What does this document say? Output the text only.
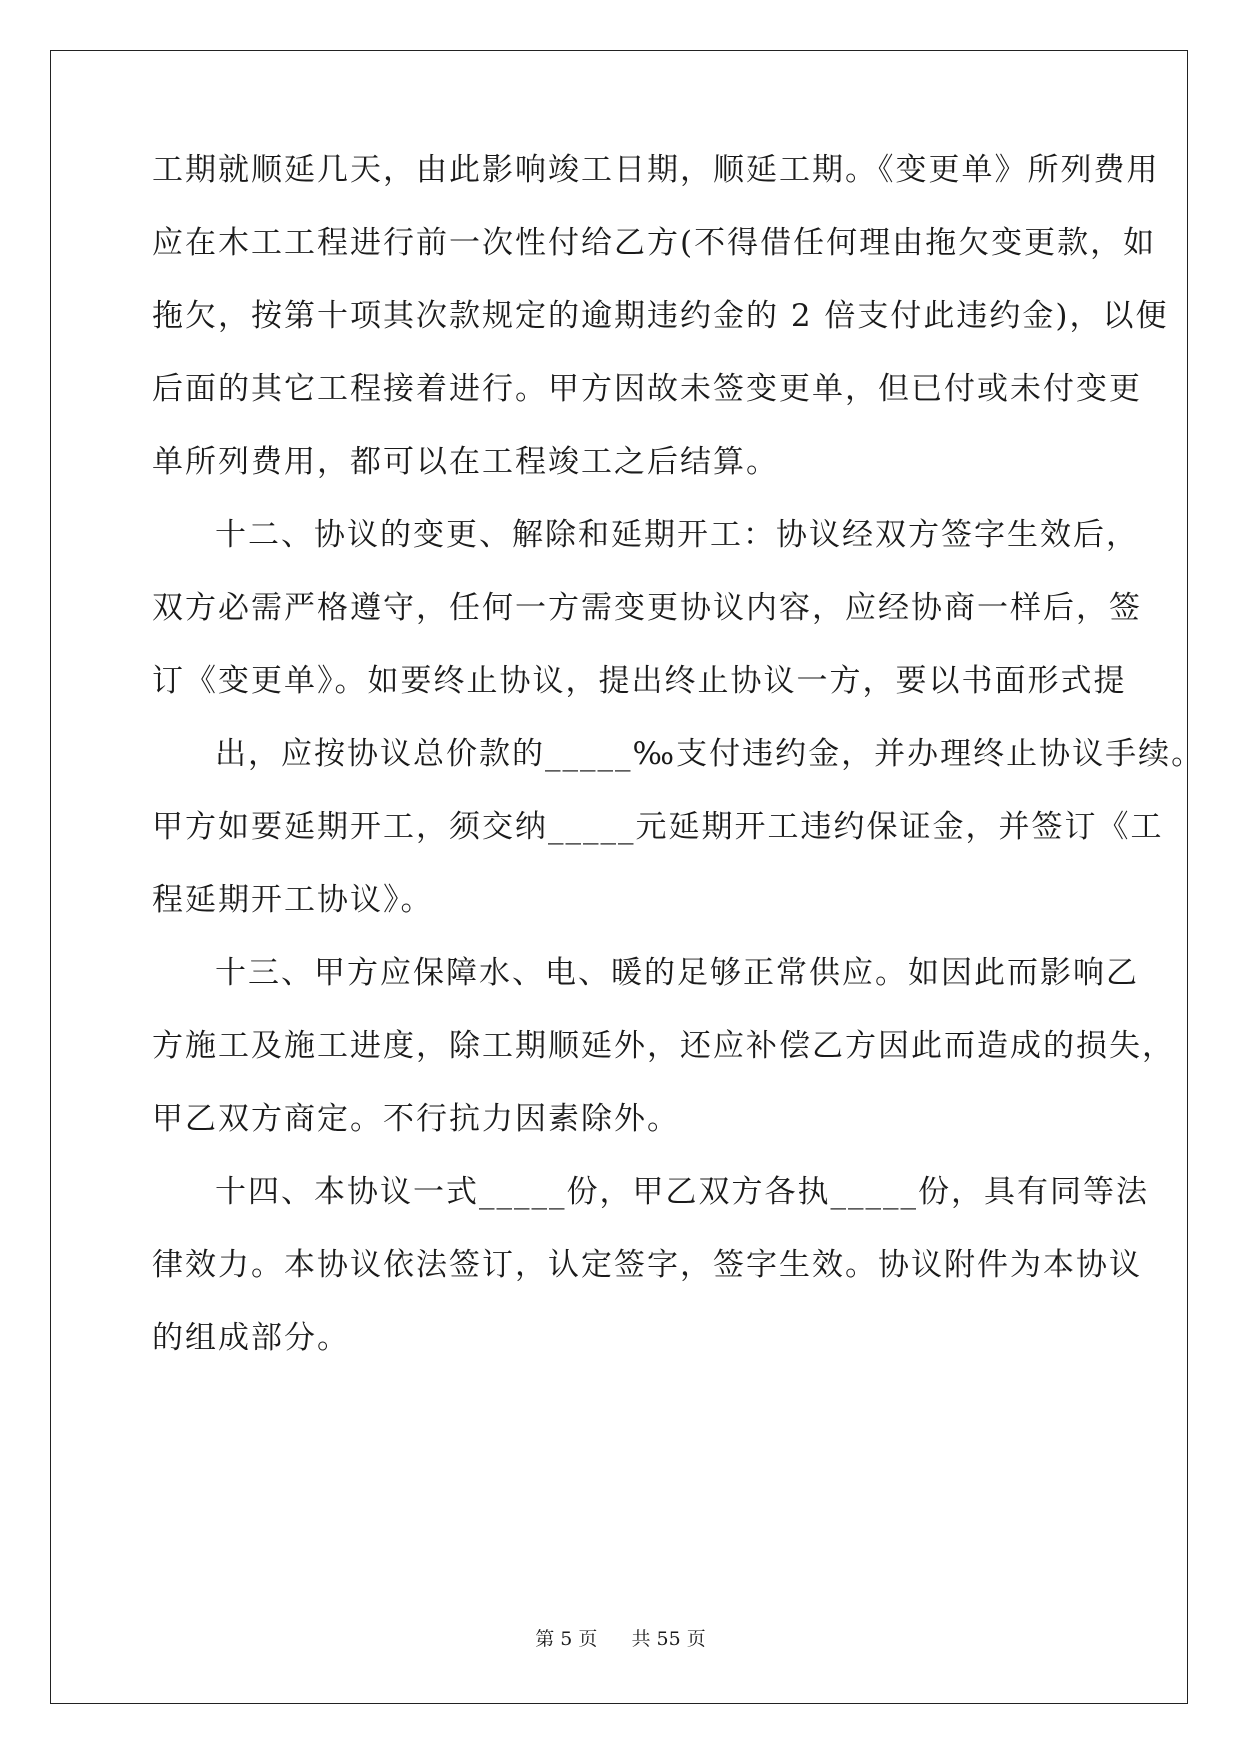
工期就顺延几天，由此影响竣工日期，顺延工期。《变更单》所列费用
应在木工工程进行前一次性付给乙方(不得借任何理由拖欠变更款，如
拖欠，按第十项其次款规定的逾期违约金的 2 倍支付此违约金)，以便
后面的其它工程接着进行。甲方因故未签变更单，但已付或未付变更
单所列费用，都可以在工程竣工之后结算。
十二、协议的变更、解除和延期开工：协议经双方签字生效后，
双方必需严格遵守，任何一方需变更协议内容，应经协商一样后，签
订《变更单》。如要终止协议，提出终止协议一方，要以书面形式提
出，应按协议总价款的_____‰支付违约金，并办理终止协议手续。
甲方如要延期开工，须交纳_____元延期开工违约保证金，并签订《工
程延期开工协议》。
十三、甲方应保障水、电、暖的足够正常供应。如因此而影响乙
方施工及施工进度，除工期顺延外，还应补偿乙方因此而造成的损失，
甲乙双方商定。不行抗力因素除外。
十四、本协议一式_____份，甲乙双方各执_____份，具有同等法
律效力。本协议依法签订，认定签字，签字生效。协议附件为本协议
的组成部分。
第 5 页 共 55 页
